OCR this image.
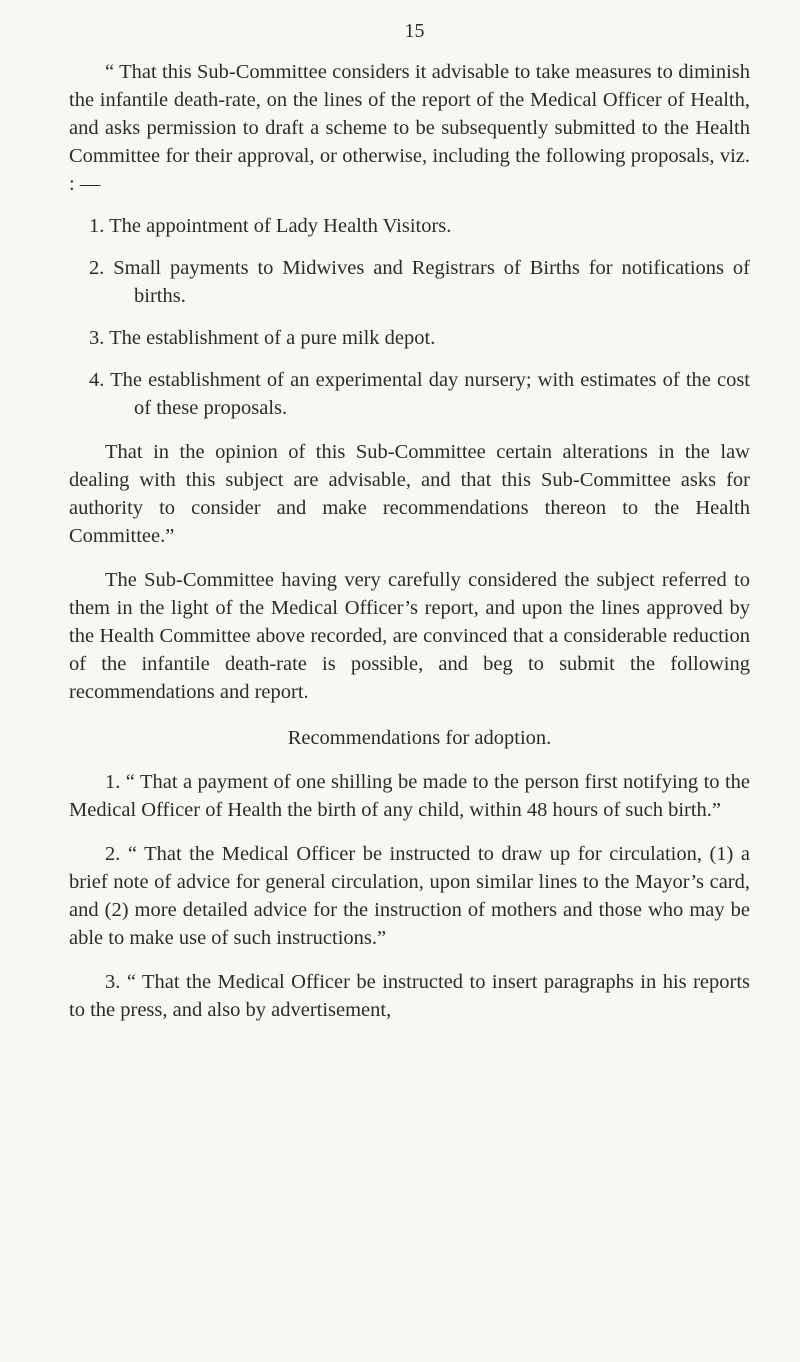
15

“ That this Sub-Committee considers it advisable to take measures to diminish the infantile death-rate, on the lines of the report of the Medical Officer of Health, and asks permission to draft a scheme to be subsequently submitted to the Health Committee for their approval, or otherwise, including the following proposals, viz. : —

1. The appointment of Lady Health Visitors.

2. Small payments to Midwives and Registrars of Births for notifications of births.

3. The establishment of a pure milk depot.

4. The establishment of an experimental day nursery; with estimates of the cost of these proposals.

That in the opinion of this Sub-Committee certain alterations in the law dealing with this subject are advisable, and that this Sub-Committee asks for authority to consider and make recommendations thereon to the Health Committee.”

The Sub-Committee having very carefully considered the subject referred to them in the light of the Medical Officer’s report, and upon the lines approved by the Health Committee above recorded, are convinced that a considerable reduction of the infantile death-rate is possible, and beg to submit the following recommendations and report.

Recommendations for adoption.

1. “ That a payment of one shilling be made to the person first notifying to the Medical Officer of Health the birth of any child, within 48 hours of such birth.”

2. “ That the Medical Officer be instructed to draw up for circulation, (1) a brief note of advice for general circulation, upon similar lines to the Mayor’s card, and (2) more detailed advice for the instruction of mothers and those who may be able to make use of such instructions.”

3. “ That the Medical Officer be instructed to insert paragraphs in his reports to the press, and also by advertisement,
